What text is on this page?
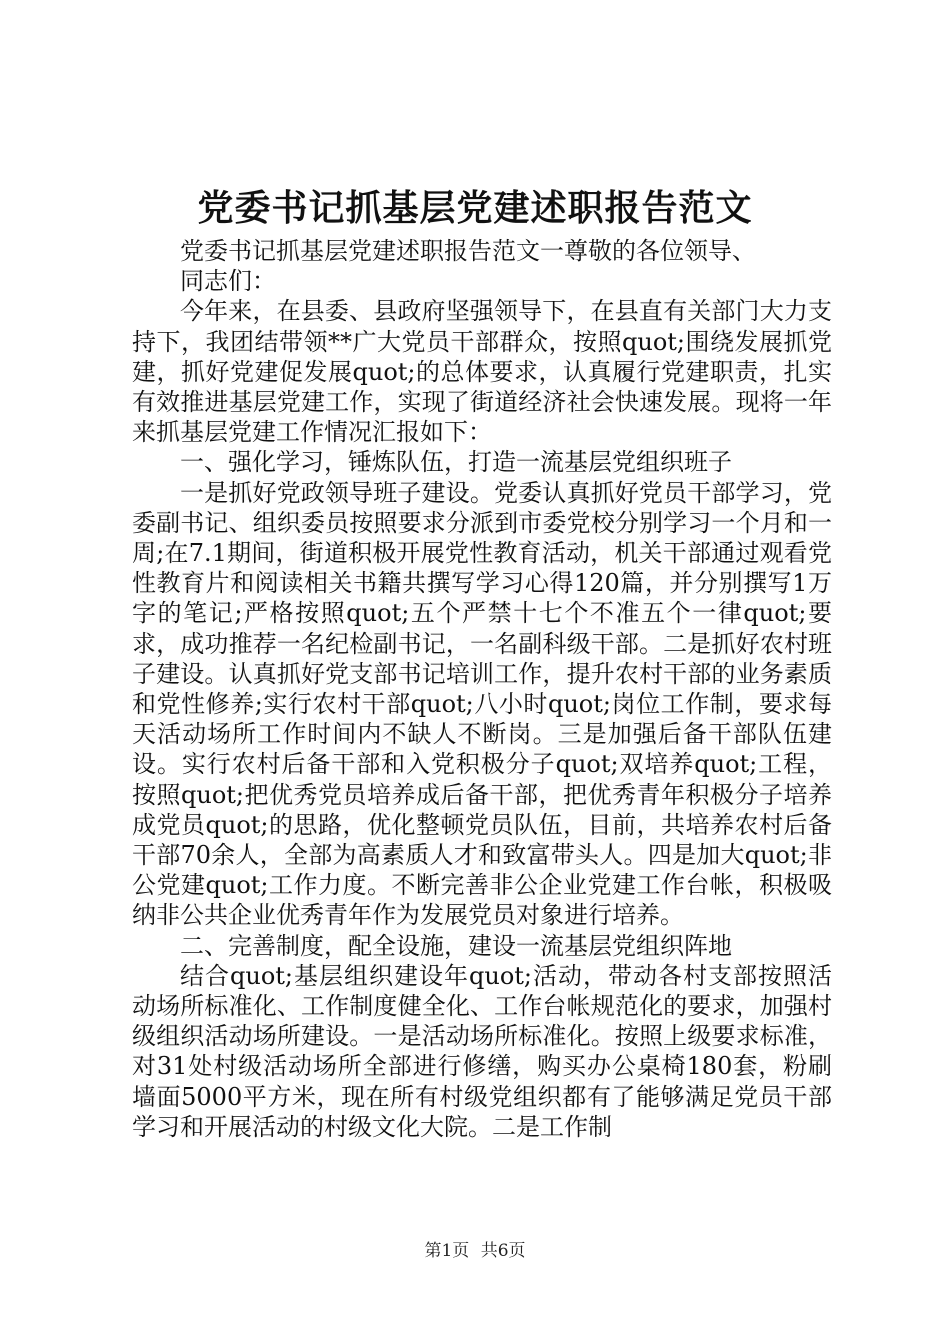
党委书记抓基层党建述职报告范文

党委书记抓基层党建述职报告范文一尊敬的各位领导、

同志们：

今年来，在县委、县政府坚强领导下，在县直有关部门大力支持下，我团结带领**广大党员干部群众，按照quot;围绕发展抓党建，抓好党建促发展quot;的总体要求，认真履行党建职责，扎实有效推进基层党建工作，实现了街道经济社会快速发展。现将一年来抓基层党建工作情况汇报如下：

一、强化学习，锤炼队伍，打造一流基层党组织班子

一是抓好党政领导班子建设。党委认真抓好党员干部学习，党委副书记、组织委员按照要求分派到市委党校分别学习一个月和一周;在7.1期间，街道积极开展党性教育活动，机关干部通过观看党性教育片和阅读相关书籍共撰写学习心得120篇，并分别撰写1万字的笔记;严格按照quot;五个严禁十七个不准五个一律quot;要求，成功推荐一名纪检副书记，一名副科级干部。二是抓好农村班子建设。认真抓好党支部书记培训工作，提升农村干部的业务素质和党性修养;实行农村干部quot;八小时quot;岗位工作制，要求每天活动场所工作时间内不缺人不断岗。三是加强后备干部队伍建设。实行农村后备干部和入党积极分子quot;双培养quot;工程，按照quot;把优秀党员培养成后备干部，把优秀青年积极分子培养成党员quot;的思路，优化整顿党员队伍，目前，共培养农村后备干部70余人，全部为高素质人才和致富带头人。四是加大quot;非公党建quot;工作力度。不断完善非公企业党建工作台帐，积极吸纳非公共企业优秀青年作为发展党员对象进行培养。

二、完善制度，配全设施，建设一流基层党组织阵地

结合quot;基层组织建设年quot;活动，带动各村支部按照活动场所标准化、工作制度健全化、工作台帐规范化的要求，加强村级组织活动场所建设。一是活动场所标准化。按照上级要求标准，对31处村级活动场所全部进行修缮，购买办公桌椅180套，粉刷墙面5000平方米，现在所有村级党组织都有了能够满足党员干部学习和开展活动的村级文化大院。二是工作制

第1页 共6页
